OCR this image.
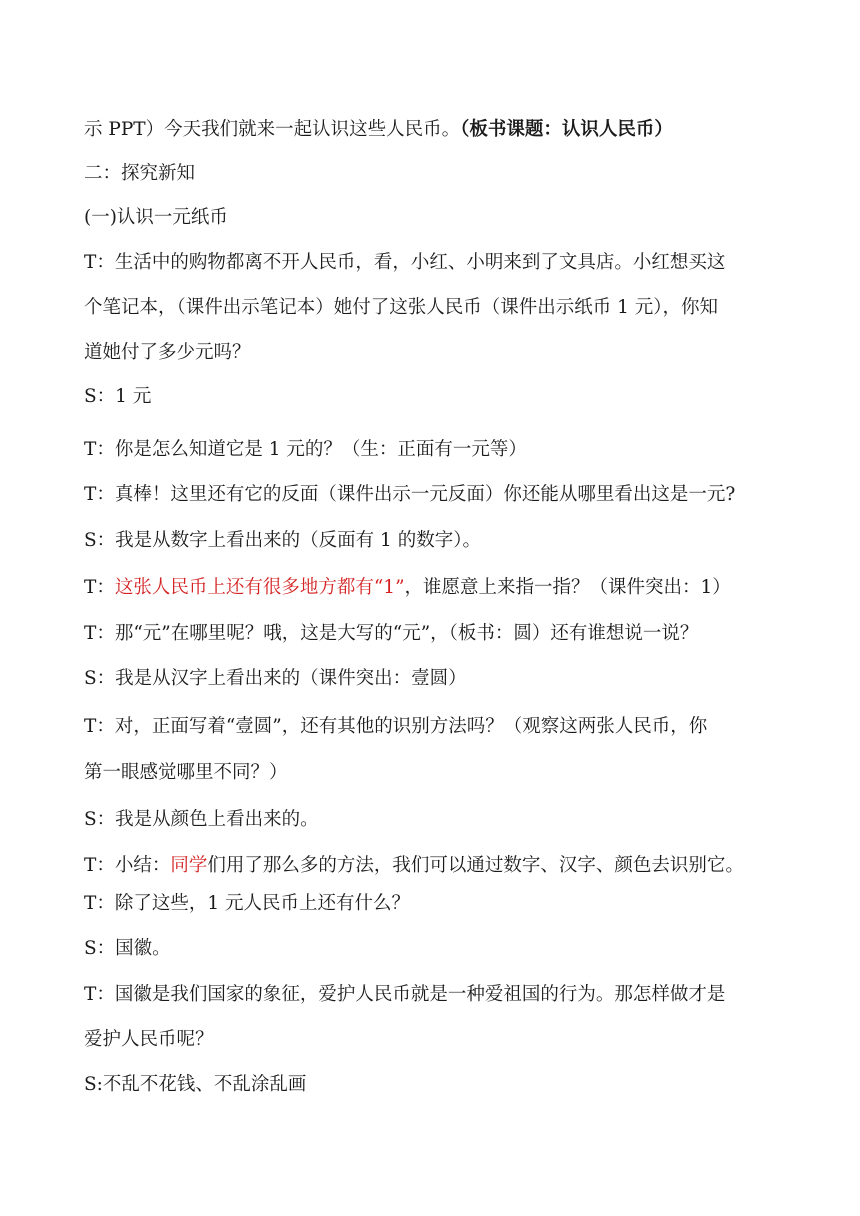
示 PPT）今天我们就来一起认识这些人民币。（板书课题：认识人民币）
二：探究新知
(一)认识一元纸币
T：生活中的购物都离不开人民币，看，小红、小明来到了文具店。小红想买这
个笔记本，（课件出示笔记本）她付了这张人民币（课件出示纸币 1 元），你知
道她付了多少元吗？
S：1 元
T：你是怎么知道它是 1 元的？（生：正面有一元等）
T：真棒！这里还有它的反面（课件出示一元反面）你还能从哪里看出这是一元?
S：我是从数字上看出来的（反面有 1 的数字）。
T：这张人民币上还有很多地方都有“1”，谁愿意上来指一指？（课件突出：1）
T：那“元”在哪里呢？哦，这是大写的“元”，（板书：圆）还有谁想说一说？
S：我是从汉字上看出来的（课件突出：壹圆）
T：对，正面写着“壹圆”，还有其他的识别方法吗？（观察这两张人民币，你
第一眼感觉哪里不同？）
S：我是从颜色上看出来的。
T：小结：同学们用了那么多的方法，我们可以通过数字、汉字、颜色去识别它。
T：除了这些，1 元人民币上还有什么？
S：国徽。
T：国徽是我们国家的象征，爱护人民币就是一种爱祖国的行为。那怎样做才是
爱护人民币呢？
S:不乱不花钱、不乱涂乱画
